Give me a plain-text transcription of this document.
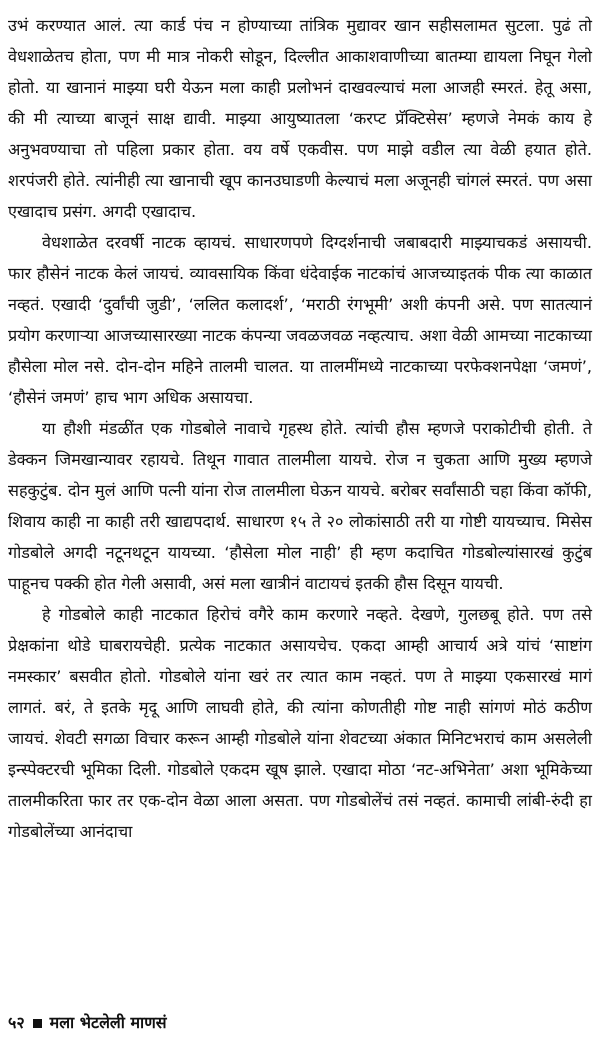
उभं करण्यात आलं. त्या कार्ड पंच न होण्याच्या तांत्रिक मुद्यावर खान सहीसलामत सुटला. पुढं तो वेधशाळेतच होता, पण मी मात्र नोकरी सोडून, दिल्लीत आकाशवाणीच्या बातम्या द्यायला निघून गेलो होतो. या खानानं माझ्या घरी येऊन मला काही प्रलोभनं दाखवल्याचं मला आजही स्मरतं. हेतू असा, की मी त्याच्या बाजूनं साक्ष द्यावी. माझ्या आयुष्यातला ‘करप्ट प्रॅक्टिसेस’ म्हणजे नेमकं काय हे अनुभवण्याचा तो पहिला प्रकार होता. वय वर्षे एकवीस. पण माझे वडील त्या वेळी हयात होते. शरपंजरी होते. त्यांनीही त्या खानाची खूप कानउघाडणी केल्याचं मला अजूनही चांगलं स्मरतं. पण असा एखादाच प्रसंग. अगदी एखादाच.

वेधशाळेत दरवर्षी नाटक व्हायचं. साधारणपणे दिग्दर्शनाची जबाबदारी माझ्याचकडं असायची. फार हौसेनं नाटक केलं जायचं. व्यावसायिक किंवा धंदेवाईक नाटकांचं आजच्याइतकं पीक त्या काळात नव्हतं. एखादी ‘दुर्वांची जुडी’, ‘ललित कलादर्श’, ‘मराठी रंगभूमी’ अशी कंपनी असे. पण सातत्यानं प्रयोग करणाऱ्या आजच्यासारख्या नाटक कंपन्या जवळजवळ नव्हत्याच. अशा वेळी आमच्या नाटकाच्या हौसेला मोल नसे. दोन-दोन महिने तालमी चालत. या तालमींमध्ये नाटकाच्या परफेक्शनपेक्षा ‘जमणं’, ‘हौसेनं जमणं’ हाच भाग अधिक असायचा.

या हौशी मंडळींत एक गोडबोले नावाचे गृहस्थ होते. त्यांची हौस म्हणजे पराकोटीची होती. ते डेक्कन जिमखान्यावर रहायचे. तिथून गावात तालमीला यायचे. रोज न चुकता आणि मुख्य म्हणजे सहकुटुंब. दोन मुलं आणि पत्नी यांना रोज तालमीला घेऊन यायचे. बरोबर सर्वांसाठी चहा किंवा कॉफी, शिवाय काही ना काही तरी खाद्यपदार्थ. साधारण १५ ते २० लोकांसाठी तरी या गोष्टी यायच्याच. मिसेस गोडबोले अगदी नटूनथटून यायच्या. ‘हौसेला मोल नाही’ ही म्हण कदाचित गोडबोल्यांसारखं कुटुंब पाहूनच पक्की होत गेली असावी, असं मला खात्रीनं वाटायचं इतकी हौस दिसून यायची.

हे गोडबोले काही नाटकात हिरोचं वगैरे काम करणारे नव्हते. देखणे, गुलछबू होते. पण तसे प्रेक्षकांना थोडे घाबरायचेही. प्रत्येक नाटकात असायचेच. एकदा आम्ही आचार्य अत्रे यांचं ‘साष्टांग नमस्कार’ बसवीत होतो. गोडबोले यांना खरं तर त्यात काम नव्हतं. पण ते माझ्या एकसारखं मागं लागतं. बरं, ते इतके मृदू आणि लाघवी होते, की त्यांना कोणतीही गोष्ट नाही सांगणं मोठं कठीण जायचं. शेवटी सगळा विचार करून आम्ही गोडबोले यांना शेवटच्या अंकात मिनिटभराचं काम असलेली इन्स्पेक्टरची भूमिका दिली. गोडबोले एकदम खूष झाले. एखादा मोठा ‘नट-अभिनेता’ अशा भूमिकेच्या तालमीकरिता फार तर एक-दोन वेळा आला असता. पण गोडबोलेंचं तसं नव्हतं. कामाची लांबी-रुंदी हा गोडबोलेंच्या आनंदाचा

५२ मला भेटलेली माणसं
